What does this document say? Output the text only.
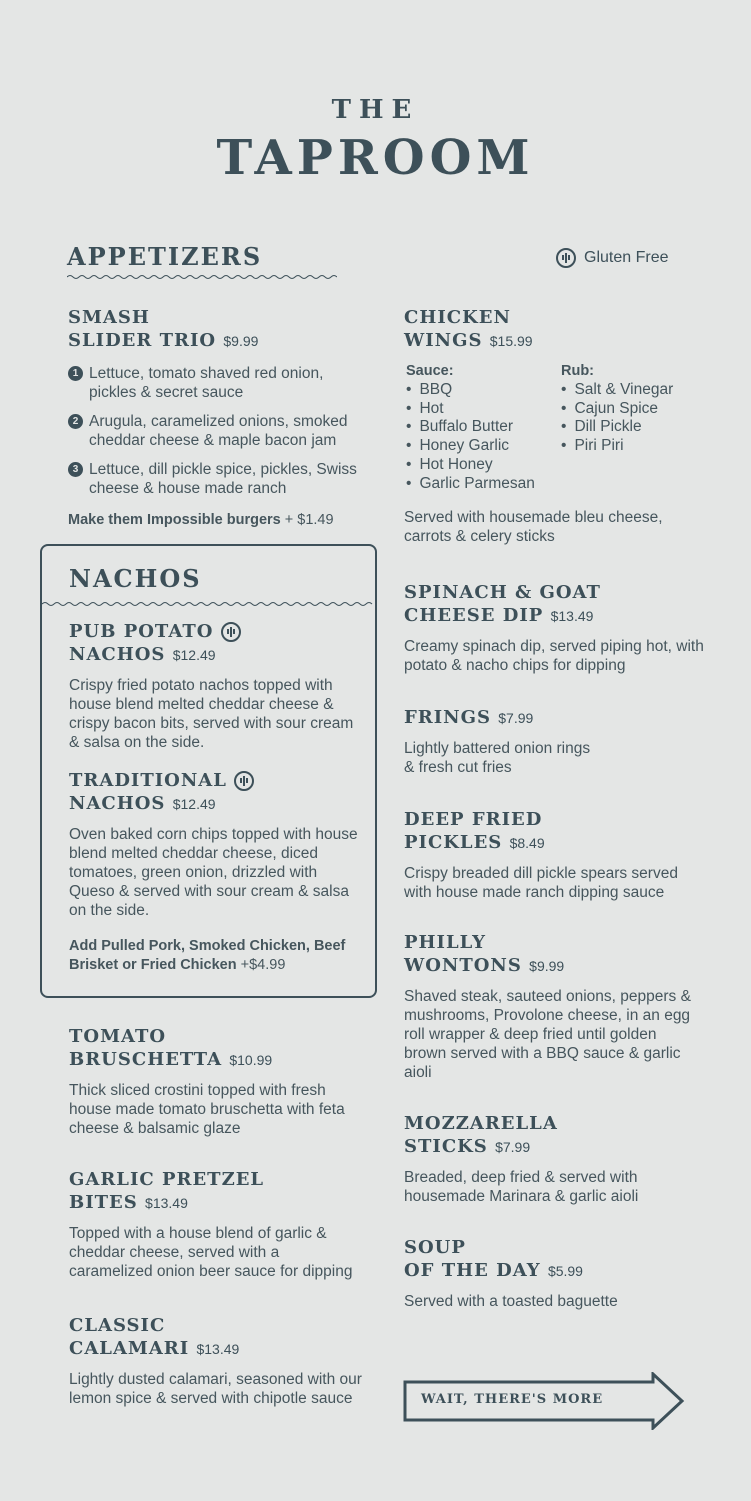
THE
TAPROOM
APPETIZERS	Gluten Free
SMASH
SLIDER TRIO $9.99
1 Lettuce, tomato shaved red onion, pickles & secret sauce
2 Arugula, caramelized onions, smoked cheddar cheese & maple bacon jam
3 Lettuce, dill pickle spice, pickles, Swiss cheese & house made ranch
Make them Impossible burgers + $1.49
NACHOS
PUB POTATO
NACHOS $12.49
Crispy fried potato nachos topped with house blend melted cheddar cheese & crispy bacon bits, served with sour cream & salsa on the side.
TRADITIONAL
NACHOS $12.49
Oven baked corn chips topped with house blend melted cheddar cheese, diced tomatoes, green onion, drizzled with Queso & served with sour cream & salsa on the side.
Add Pulled Pork, Smoked Chicken, Beef Brisket or Fried Chicken +$4.99
TOMATO
BRUSCHETTA $10.99
Thick sliced crostini topped with fresh house made tomato bruschetta with feta cheese & balsamic glaze
GARLIC PRETZEL
BITES $13.49
Topped with a house blend of garlic & cheddar cheese, served with a caramelized onion beer sauce for dipping
CLASSIC
CALAMARI $13.49
Lightly dusted calamari, seasoned with our lemon spice & served with chipotle sauce
CHICKEN
WINGS $15.99
Sauce:
• BBQ
• Hot
• Buffalo Butter
• Honey Garlic
• Hot Honey
• Garlic Parmesan
Rub:
• Salt & Vinegar
• Cajun Spice
• Dill Pickle
• Piri Piri
Served with housemade bleu cheese, carrots & celery sticks
SPINACH & GOAT
CHEESE DIP $13.49
Creamy spinach dip, served piping hot, with potato & nacho chips for dipping
FRINGS $7.99
Lightly battered onion rings & fresh cut fries
DEEP FRIED
PICKLES $8.49
Crispy breaded dill pickle spears served with house made ranch dipping sauce
PHILLY
WONTONS $9.99
Shaved steak, sauteed onions, peppers & mushrooms, Provolone cheese, in an egg roll wrapper & deep fried until golden brown served with a BBQ sauce & garlic aioli
MOZZARELLA
STICKS $7.99
Breaded, deep fried & served with housemade Marinara & garlic aioli
SOUP
OF THE DAY $5.99
Served with a toasted baguette
WAIT, THERE'S MORE
